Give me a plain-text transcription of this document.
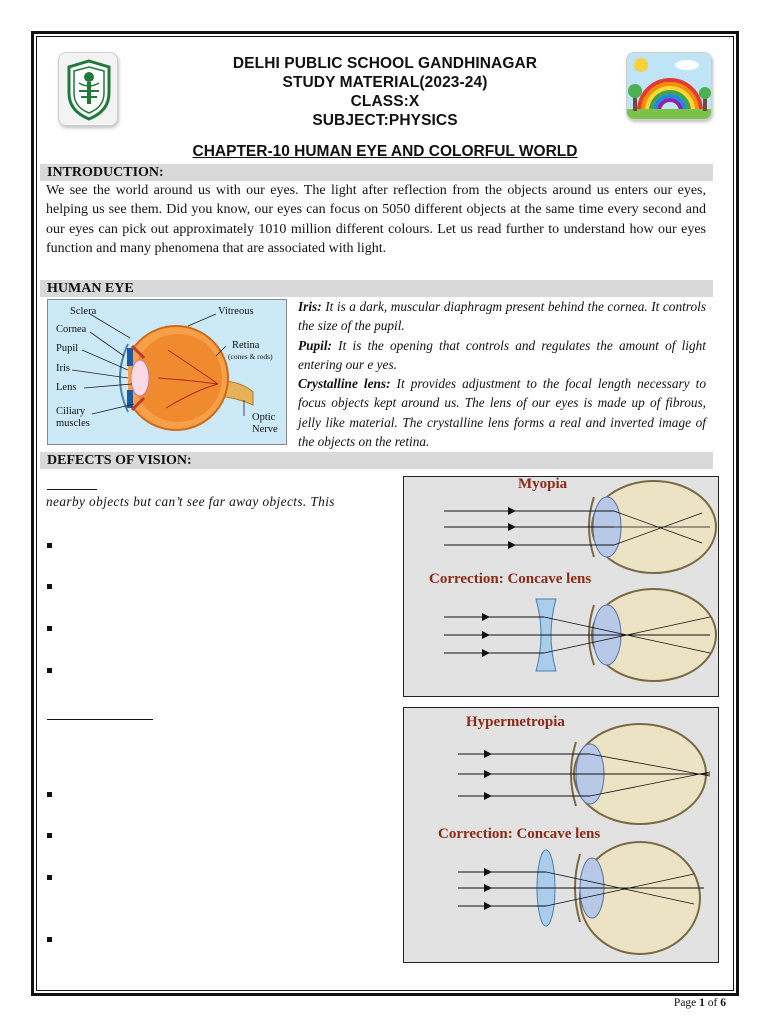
DELHI PUBLIC SCHOOL GANDHINAGAR
STUDY MATERIAL(2023-24)
CLASS:X
SUBJECT:PHYSICS
CHAPTER-10 HUMAN EYE AND COLORFUL WORLD
INTRODUCTION:
We see the world around us with our eyes. The light after reflection from the objects around us enters our eyes, helping us see them. Did you know, our eyes can focus on 5050 different objects at the same time every second and our eyes can pick out approximately 1010 million different colours. Let us read further to understand how our eyes function and many phenomena that are associated with light.
HUMAN EYE
Sclera
Cornea
Pupil
Iris
Lens
Ciliary
muscles
Vitreous
Retina
(cones & rods)
Optic
Nerve
Iris: It is a dark, muscular diaphragm present behind the cornea. It controls the size of the pupil.
Pupil: It is the opening that controls and regulates the amount of light entering our e yes.
Crystalline lens: It provides adjustment to the focal length necessary to focus objects kept around us. The lens of our eyes is made up of fibrous, jelly like material. The crystalline lens forms a real and inverted image of the objects on the retina.
DEFECTS OF VISION:
nearby objects but can’t see far away objects. This
Myopia
Correction: Concave lens
Hypermetropia
Correction: Concave lens
Page 1 of 6
